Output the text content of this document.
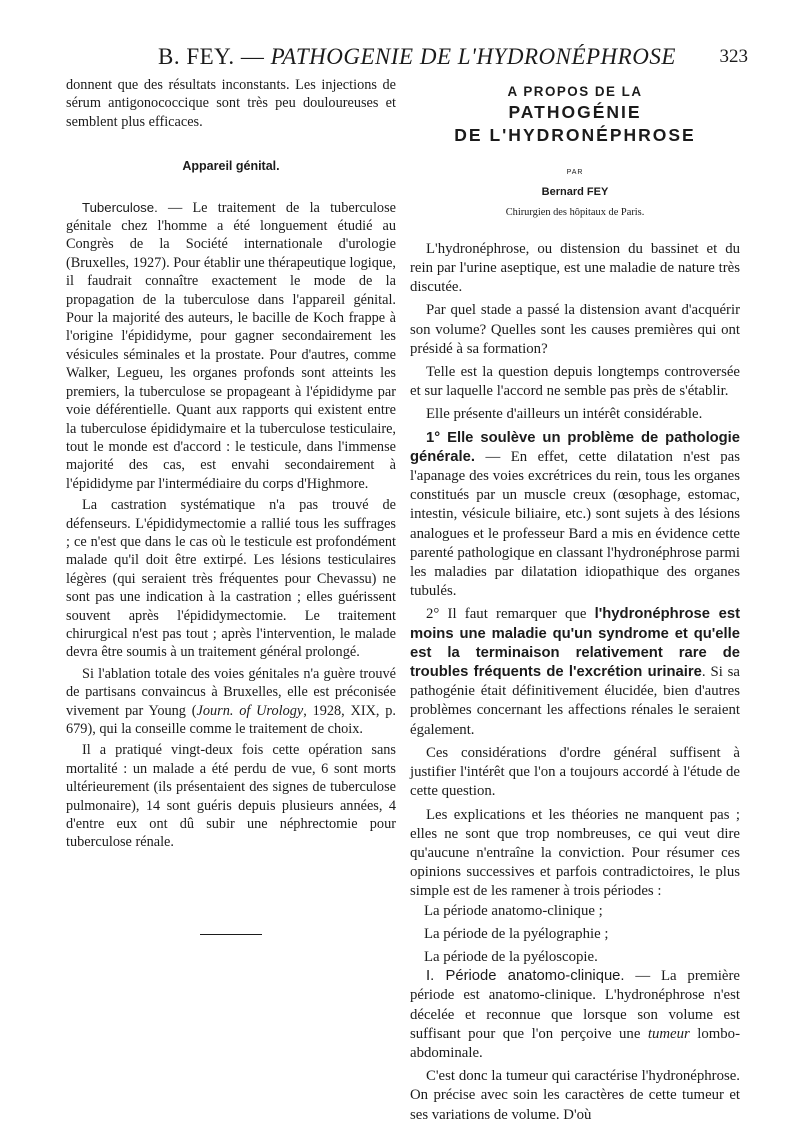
B. FEY. — PATHOGENIE DE L'HYDRONÉPHROSE	323

donnent que des résultats inconstants. Les injections de sérum antigonococcique sont très peu douloureuses et semblent plus efficaces.

Appareil génital.

Tuberculose. — Le traitement de la tuberculose génitale chez l'homme a été longuement étudié au Congrès de la Société internationale d'urologie (Bruxelles, 1927). Pour établir une thérapeutique logique, il faudrait connaître exactement le mode de la propagation de la tuberculose dans l'appareil génital. Pour la majorité des auteurs, le bacille de Koch frappe à l'origine l'épididyme, pour gagner secondairement les vésicules séminales et la prostate. Pour d'autres, comme Walker, Legueu, les organes profonds sont atteints les premiers, la tuberculose se propageant à l'épididyme par voie déférentielle. Quant aux rapports qui existent entre la tuberculose épididymaire et la tuberculose testiculaire, tout le monde est d'accord : le testicule, dans l'immense majorité des cas, est envahi secondairement à l'épididyme par l'intermédiaire du corps d'Highmore.

La castration systématique n'a pas trouvé de défenseurs. L'épididymectomie a rallié tous les suffrages ; ce n'est que dans le cas où le testicule est profondément malade qu'il doit être extirpé. Les lésions testiculaires légères (qui seraient très fréquentes pour Chevassu) ne sont pas une indication à la castration ; elles guérissent souvent après l'épididymectomie. Le traitement chirurgical n'est pas tout ; après l'intervention, le malade devra être soumis à un traitement général prolongé.

Si l'ablation totale des voies génitales n'a guère trouvé de partisans convaincus à Bruxelles, elle est préconisée vivement par Young (Journ. of Urology, 1928, XIX, p. 679), qui la conseille comme le traitement de choix.

Il a pratiqué vingt-deux fois cette opération sans mortalité : un malade a été perdu de vue, 6 sont morts ultérieurement (ils présentaient des signes de tuberculose pulmonaire), 14 sont guéris depuis plusieurs années, 4 d'entre eux ont dû subir une néphrectomie pour tuberculose rénale.

A PROPOS DE LA
PATHOGÉNIE
DE L'HYDRONÉPHROSE
PAR
Bernard FEY
Chirurgien des hôpitaux de Paris.

L'hydronéphrose, ou distension du bassinet et du rein par l'urine aseptique, est une maladie de nature très discutée.

Par quel stade a passé la distension avant d'acquérir son volume? Quelles sont les causes premières qui ont présidé à sa formation?

Telle est la question depuis longtemps controversée et sur laquelle l'accord ne semble pas près de s'établir.

Elle présente d'ailleurs un intérêt considérable.

1° Elle soulève un problème de pathologie générale. — En effet, cette dilatation n'est pas l'apanage des voies excrétrices du rein, tous les organes constitués par un muscle creux (œsophage, estomac, intestin, vésicule biliaire, etc.) sont sujets à des lésions analogues et le professeur Bard a mis en évidence cette parenté pathologique en classant l'hydronéphrose parmi les maladies par dilatation idiopathique des organes tubulés.

2° Il faut remarquer que l'hydronéphrose est moins une maladie qu'un syndrome et qu'elle est la terminaison relativement rare de troubles fréquents de l'excrétion urinaire. Si sa pathogénie était définitivement élucidée, bien d'autres problèmes concernant les affections rénales le seraient également.

Ces considérations d'ordre général suffisent à justifier l'intérêt que l'on a toujours accordé à l'étude de cette question.

Les explications et les théories ne manquent pas ; elles ne sont que trop nombreuses, ce qui veut dire qu'aucune n'entraîne la conviction. Pour résumer ces opinions successives et parfois contradictoires, le plus simple est de les ramener à trois périodes :

La période anatomo-clinique ;

La période de la pyélographie ;

La période de la pyéloscopie.

I. Période anatomo-clinique. — La première période est anatomo-clinique. L'hydronéphrose n'est décelée et reconnue que lorsque son volume est suffisant pour que l'on perçoive une tumeur lombo-abdominale.

C'est donc la tumeur qui caractérise l'hydronéphrose. On précise avec soin les caractères de cette tumeur et ses variations de volume. D'où
